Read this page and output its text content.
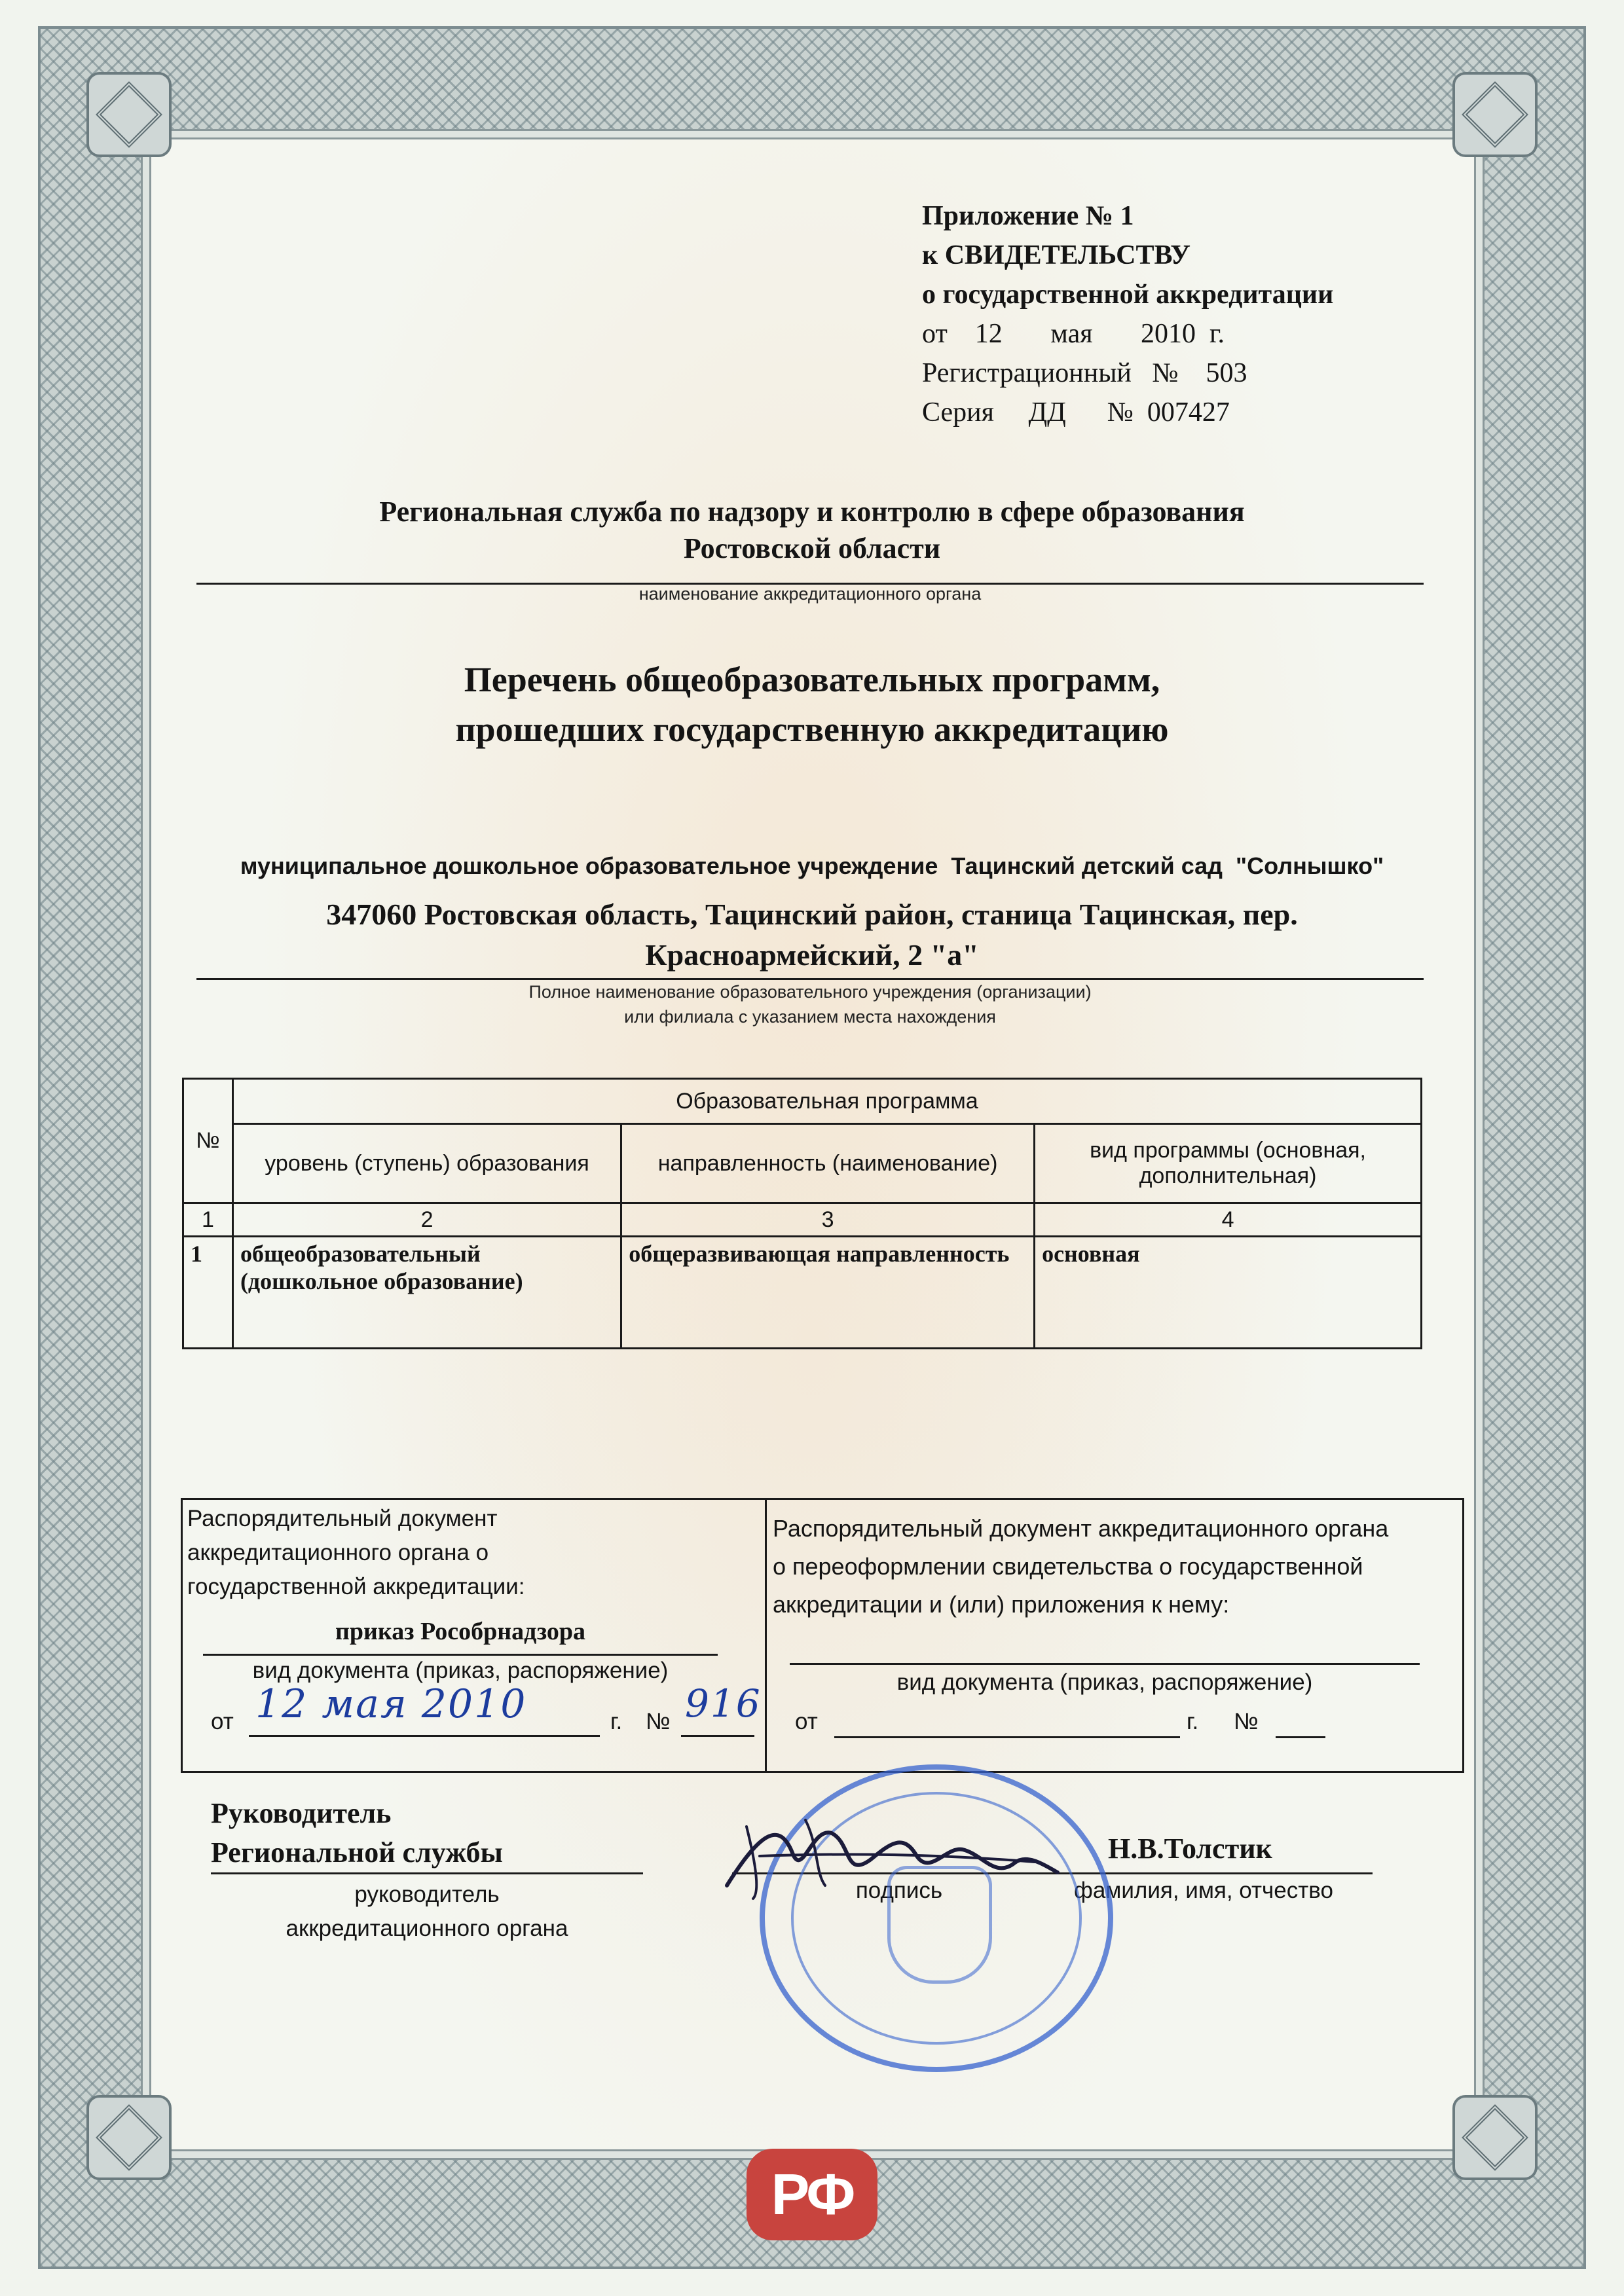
Приложение № 1
к СВИДЕТЕЛЬСТВУ
о государственной аккредитации
от    12       мая       2010  г.
Регистрационный   №    503
Серия     ДД      №  007427
Региональная служба по надзору и контролю в сфере образования
Ростовской области
наименование аккредитационного органа
Перечень общеобразовательных программ,
прошедших государственную аккредитацию
муниципальное дошкольное образовательное учреждение  Тацинский детский сад  "Солнышко"
347060 Ростовская область, Тацинский район, станица Тацинская, пер.
Красноармейский, 2 "а"
Полное наименование образовательного учреждения (организации)
или филиала с указанием места нахождения
№	Образовательная программа		
	уровень (ступень) образования	направленность (наименование)	вид программы (основная, дополнительная)
1	2	3	4
1	общеобразовательный (дошкольное образование)	общеразвивающая направленность	основная
Распорядительный документ
аккредитационного органа о
государственной аккредитации:
приказ Рособрнадзора
вид документа (приказ, распоряжение)
от 12 мая 2010	г. № 916
Распорядительный документ аккредитационного органа
о переоформлении свидетельства о государственной
аккредитации и (или) приложения к нему:
вид документа (приказ, распоряжение)
от	г. №
Руководитель
Региональной службы
руководитель
аккредитационного органа
подпись
Н.В.Толстик
фамилия, имя, отчество
РФ
